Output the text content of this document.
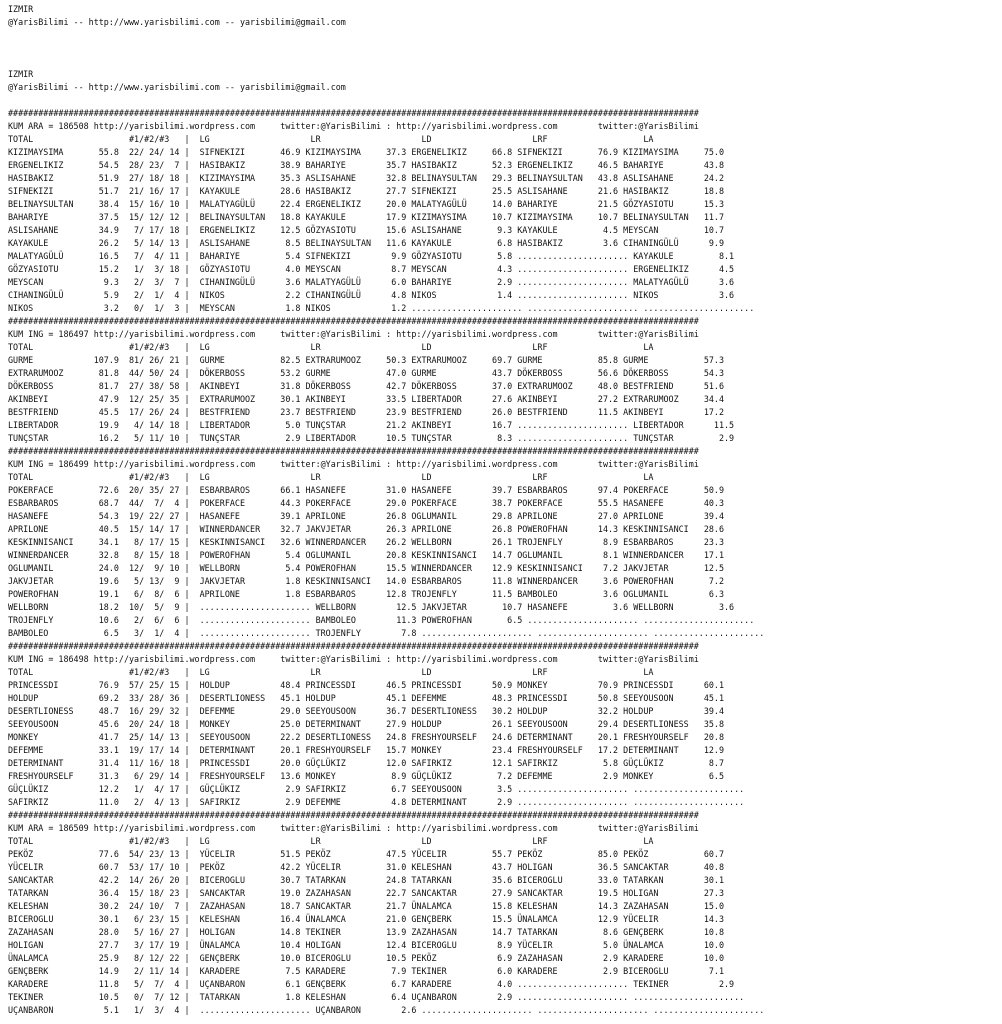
IZMIR
@YarisBilimi -- http://www.yarisbilimi.com -- yarisbilimi@gmail.com
IZMIR
@YarisBilimi -- http://www.yarisbilimi.com -- yarisbilimi@gmail.com
#########################################################################################################################################
KUM ARA = 186508 http://yarisbilimi.wordpress.com     twitter:@YarisBilimi : http://yarisbilimi.wordpress.com        twitter:@YarisBilimi
TOTAL                   #1/#2/#3   |  LG                    LR                    LD                    LRF                   LA
KIZIMAYSIMA       55.8  22/ 24/ 14 |  SIFNEKIZI       46.9 KIZIMAYSIMA     37.3 ERGENELIKIZ     66.8 SIFNEKIZI       76.9 KIZIMAYSIMA     75.0
ERGENELIKIZ       54.5  28/ 23/  7 |  HASIBAKIZ       38.9 BAHARIYE        35.7 HASIBAKIZ       52.3 ERGENELIKIZ     46.5 BAHARIYE        43.8
HASIBAKIZ         51.9  27/ 18/ 18 |  KIZIMAYSIMA     35.3 ASLISAHANE      32.8 BELINAYSULTAN   29.3 BELINAYSULTAN   43.8 ASLISAHANE      24.2
SIFNEKIZI         51.7  21/ 16/ 17 |  KAYAKULE        28.6 HASIBAKIZ       27.7 SIFNEKIZI       25.5 ASLISAHANE      21.6 HASIBAKIZ       18.8
BELINAYSULTAN     38.4  15/ 16/ 10 |  MALATYAGÜLÜ     22.4 ERGENELIKIZ     20.0 MALATYAGÜLÜ     14.0 BAHARIYE        21.5 GÖZYASIOTU      15.3
BAHARIYE          37.5  15/ 12/ 12 |  BELINAYSULTAN   18.8 KAYAKULE        17.9 KIZIMAYSIMA     10.7 KIZIMAYSIMA     10.7 BELINAYSULTAN   11.7
ASLISAHANE        34.9   7/ 17/ 18 |  ERGENELIKIZ     12.5 GÖZYASIOTU      15.6 ASLISAHANE       9.3 KAYAKULE         4.5 MEYSCAN         10.7
KAYAKULE          26.2   5/ 14/ 13 |  ASLISAHANE       8.5 BELINAYSULTAN   11.6 KAYAKULE         6.8 HASIBAKIZ        3.6 CIHANINGÜLÜ      9.9
MALATYAGÜLÜ       16.5   7/  4/ 11 |  BAHARIYE         5.4 SIFNEKIZI        9.9 GÖZYASIOTU       5.8 ...................... KAYAKULE         8.1
GÖZYASIOTU        15.2   1/  3/ 18 |  GÖZYASIOTU       4.0 MEYSCAN          8.7 MEYSCAN          4.3 ...................... ERGENELIKIZ      4.5
MEYSCAN            9.3   2/  3/  7 |  CIHANINGÜLÜ      3.6 MALATYAGÜLÜ      6.0 BAHARIYE         2.9 ...................... MALATYAGÜLÜ      3.6
CIHANINGÜLÜ        5.9   2/  1/  4 |  NIKOS            2.2 CIHANINGÜLÜ      4.8 NIKOS            1.4 ...................... NIKOS            3.6
NIKOS              3.2   0/  1/  3 |  MEYSCAN          1.8 NIKOS            1.2 ...................... ...................... ......................
#########################################################################################################################################
KUM ING = 186497 http://yarisbilimi.wordpress.com     twitter:@YarisBilimi : http://yarisbilimi.wordpress.com        twitter:@YarisBilimi
TOTAL                   #1/#2/#3   |  LG                    LR                    LD                    LRF                   LA
GURME            107.9  81/ 26/ 21 |  GURME           82.5 EXTRARUMOOZ     50.3 EXTRARUMOOZ     69.7 GURME           85.8 GURME           57.3
EXTRARUMOOZ       81.8  44/ 50/ 24 |  DÖKERBOSS       53.2 GURME           47.0 GURME           43.7 DÖKERBOSS       56.6 DÖKERBOSS       54.3
DÖKERBOSS         81.7  27/ 38/ 58 |  AKINBEYI        31.8 DÖKERBOSS       42.7 DÖKERBOSS       37.0 EXTRARUMOOZ     48.0 BESTFRIEND      51.6
AKINBEYI          47.9  12/ 25/ 35 |  EXTRARUMOOZ     30.1 AKINBEYI        33.5 LIBERTADOR      27.6 AKINBEYI        27.2 EXTRARUMOOZ     34.4
BESTFRIEND        45.5  17/ 26/ 24 |  BESTFRIEND      23.7 BESTFRIEND      23.9 BESTFRIEND      26.0 BESTFRIEND      11.5 AKINBEYI        17.2
LIBERTADOR        19.9   4/ 14/ 18 |  LIBERTADOR       5.0 TUNÇSTAR        21.2 AKINBEYI        16.7 ...................... LIBERTADOR      11.5
TUNÇSTAR          16.2   5/ 11/ 10 |  TUNÇSTAR         2.9 LIBERTADOR      10.5 TUNÇSTAR         8.3 ...................... TUNÇSTAR         2.9
#########################################################################################################################################
KUM ING = 186499 http://yarisbilimi.wordpress.com     twitter:@YarisBilimi : http://yarisbilimi.wordpress.com        twitter:@YarisBilimi
TOTAL                   #1/#2/#3   |  LG                    LR                    LD                    LRF                   LA
POKERFACE         72.6  20/ 35/ 27 |  ESBARBAROS      66.1 HASANEFE        31.0 HASANEFE        39.7 ESBARBAROS      97.4 POKERFACE       50.9
ESBARBAROS        68.7  44/  7/  4 |  POKERFACE       44.3 POKERFACE       29.0 POKERFACE       38.7 POKERFACE       55.5 HASANEFE        40.3
HASANEFE          54.3  19/ 22/ 27 |  HASANEFE        39.1 APRILONE        26.8 OGLUMANIL       29.8 APRILONE        27.0 APRILONE        39.4
APRILONE          40.5  15/ 14/ 17 |  WINNERDANCER    32.7 JAKVJETAR       26.3 APRILONE        26.8 POWEROFHAN      14.3 KESKINNISANCI   28.6
KESKINNISANCI     34.1   8/ 17/ 15 |  KESKINNISANCI   32.6 WINNERDANCER    26.2 WELLBORN        26.1 TROJENFLY        8.9 ESBARBAROS      23.3
WINNERDANCER      32.8   8/ 15/ 18 |  POWEROFHAN       5.4 OGLUMANIL       20.8 KESKINNISANCI   14.7 OGLUMANIL        8.1 WINNERDANCER    17.1
OGLUMANIL         24.0  12/  9/ 10 |  WELLBORN         5.4 POWEROFHAN      15.5 WINNERDANCER    12.9 KESKINNISANCI    7.2 JAKVJETAR       12.5
JAKVJETAR         19.6   5/ 13/  9 |  JAKVJETAR        1.8 KESKINNISANCI   14.0 ESBARBAROS      11.8 WINNERDANCER     3.6 POWEROFHAN       7.2
POWEROFHAN        19.1   6/  8/  6 |  APRILONE         1.8 ESBARBAROS      12.8 TROJENFLY       11.5 BAMBOLEO         3.6 OGLUMANIL        6.3
WELLBORN          18.2  10/  5/  9 |  ...................... WELLBORN        12.5 JAKVJETAR       10.7 HASANEFE         3.6 WELLBORN         3.6
TROJENFLY         10.6   2/  6/  6 |  ...................... BAMBOLEO        11.3 POWEROFHAN       6.5 ...................... ......................
BAMBOLEO           6.5   3/  1/  4 |  ...................... TROJENFLY        7.8 ...................... ...................... ......................
#########################################################################################################################################
KUM ING = 186498 http://yarisbilimi.wordpress.com     twitter:@YarisBilimi : http://yarisbilimi.wordpress.com        twitter:@YarisBilimi
TOTAL                   #1/#2/#3   |  LG                    LR                    LD                    LRF                   LA
PRINCESSDI        76.9  57/ 25/ 15 |  HOLDUP          48.4 PRINCESSDI      46.5 PRINCESSDI      50.9 MONKEY          70.9 PRINCESSDI      60.1
HOLDUP            69.2  33/ 28/ 36 |  DESERTLIONESS   45.1 HOLDUP          45.1 DEFEMME         48.3 PRINCESSDI      50.8 SEEYOUSOON      45.1
DESERTLIONESS     48.7  16/ 29/ 32 |  DEFEMME         29.0 SEEYOUSOON      36.7 DESERTLIONESS   30.2 HOLDUP          32.2 HOLDUP          39.4
SEEYOUSOON        45.6  20/ 24/ 18 |  MONKEY          25.0 DETERMINANT     27.9 HOLDUP          26.1 SEEYOUSOON      29.4 DESERTLIONESS   35.8
MONKEY            41.7  25/ 14/ 13 |  SEEYOUSOON      22.2 DESERTLIONESS   24.8 FRESHYOURSELF   24.6 DETERMINANT     20.1 FRESHYOURSELF   20.8
DEFEMME           33.1  19/ 17/ 14 |  DETERMINANT     20.1 FRESHYOURSELF   15.7 MONKEY          23.4 FRESHYOURSELF   17.2 DETERMINANT     12.9
DETERMINANT       31.4  11/ 16/ 18 |  PRINCESSDI      20.0 GÜÇLÜKIZ        12.0 SAFIRKIZ        12.1 SAFIRKIZ         5.8 GÜÇLÜKIZ         8.7
FRESHYOURSELF     31.3   6/ 29/ 14 |  FRESHYOURSELF   13.6 MONKEY           8.9 GÜÇLÜKIZ         7.2 DEFEMME          2.9 MONKEY           6.5
GÜÇLÜKIZ          12.2   1/  4/ 17 |  GÜÇLÜKIZ         2.9 SAFIRKIZ         6.7 SEEYOUSOON       3.5 ...................... ......................
SAFIRKIZ          11.0   2/  4/ 13 |  SAFIRKIZ         2.9 DEFEMME          4.8 DETERMINANT      2.9 ...................... ......................
#########################################################################################################################################
KUM ARA = 186509 http://yarisbilimi.wordpress.com     twitter:@YarisBilimi : http://yarisbilimi.wordpress.com        twitter:@YarisBilimi
TOTAL                   #1/#2/#3   |  LG                    LR                    LD                    LRF                   LA
PEKÖZ             77.6  54/ 23/ 13 |  YÜCELIR         51.5 PEKÖZ           47.5 YÜCELIR         55.7 PEKÖZ           85.0 PEKÖZ           60.7
YÜCELIR           60.7  53/ 17/ 10 |  PEKÖZ           42.2 YÜCELIR         31.0 KELESHAN        43.7 HOLIGAN         36.5 SANCAKTAR       40.8
SANCAKTAR         42.2  14/ 26/ 20 |  BICEROGLU       30.7 TATARKAN        24.8 TATARKAN        35.6 BICEROGLU       33.0 TATARKAN        30.1
TATARKAN          36.4  15/ 18/ 23 |  SANCAKTAR       19.0 ZAZAHASAN       22.7 SANCAKTAR       27.9 SANCAKTAR       19.5 HOLIGAN         27.3
KELESHAN          30.2  24/ 10/  7 |  ZAZAHASAN       18.7 SANCAKTAR       21.7 ÜNALAMCA        15.8 KELESHAN        14.3 ZAZAHASAN       15.0
BICEROGLU         30.1   6/ 23/ 15 |  KELESHAN        16.4 ÜNALAMCA        21.0 GENÇBERK        15.5 ÜNALAMCA        12.9 YÜCELIR         14.3
ZAZAHASAN         28.0   5/ 16/ 27 |  HOLIGAN         14.8 TEKINER         13.9 ZAZAHASAN       14.7 TATARKAN         8.6 GENÇBERK        10.8
HOLIGAN           27.7   3/ 17/ 19 |  ÜNALAMCA        10.4 HOLIGAN         12.4 BICEROGLU        8.9 YÜCELIR          5.0 ÜNALAMCA        10.0
ÜNALAMCA          25.9   8/ 12/ 22 |  GENÇBERK        10.0 BICEROGLU       10.5 PEKÖZ            6.9 ZAZAHASAN        2.9 KARADERE        10.0
GENÇBERK          14.9   2/ 11/ 14 |  KARADERE         7.5 KARADERE         7.9 TEKINER          6.0 KARADERE         2.9 BICEROGLU        7.1
KARADERE          11.8   5/  7/  4 |  UÇANBARON        6.1 GENÇBERK         6.7 KARADERE         4.0 ...................... TEKINER          2.9
TEKINER           10.5   0/  7/ 12 |  TATARKAN         1.8 KELESHAN         6.4 UÇANBARON        2.9 ...................... ......................
UÇANBARON          5.1   1/  3/  4 |  ...................... UÇANBARON        2.6 ...................... ...................... ......................
